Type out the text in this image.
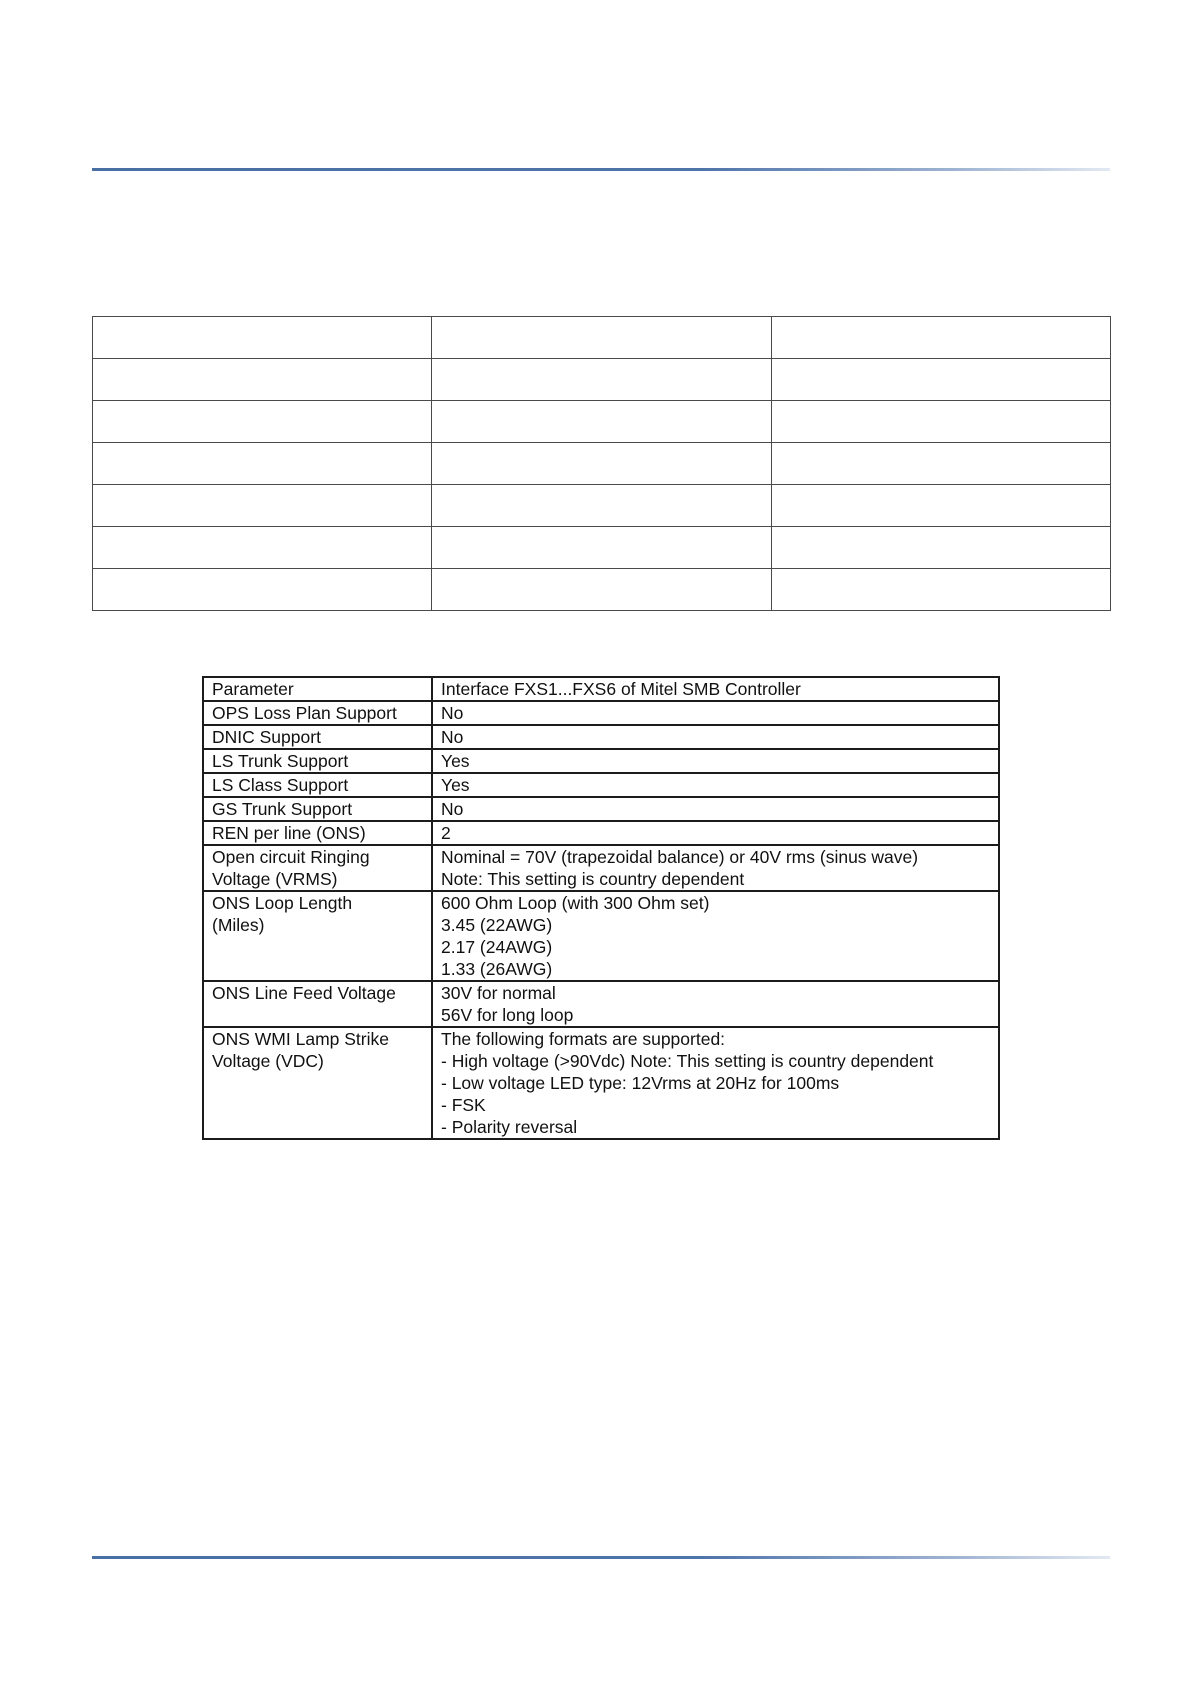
Parameter	Interface FXS1...FXS6 of Mitel SMB Controller

OPS Loss Plan Support	No

DNIC Support	No

LS Trunk Support	Yes

LS Class Support	Yes

GS Trunk Support	No

REN per line (ONS)	2

Open circuit Ringing
Voltage (VRMS)	Nominal = 70V (trapezoidal balance) or 40V rms (sinus wave)
Note: This setting is country dependent

ONS Loop Length
(Miles)	600 Ohm Loop (with 300 Ohm set)
3.45 (22AWG)
2.17 (24AWG)
1.33 (26AWG)

ONS Line Feed Voltage	30V for normal
56V for long loop

ONS WMI Lamp Strike
Voltage (VDC)	The following formats are supported:
- High voltage (>90Vdc) Note: This setting is country dependent
- Low voltage LED type: 12Vrms at 20Hz for 100ms
- FSK
- Polarity reversal
